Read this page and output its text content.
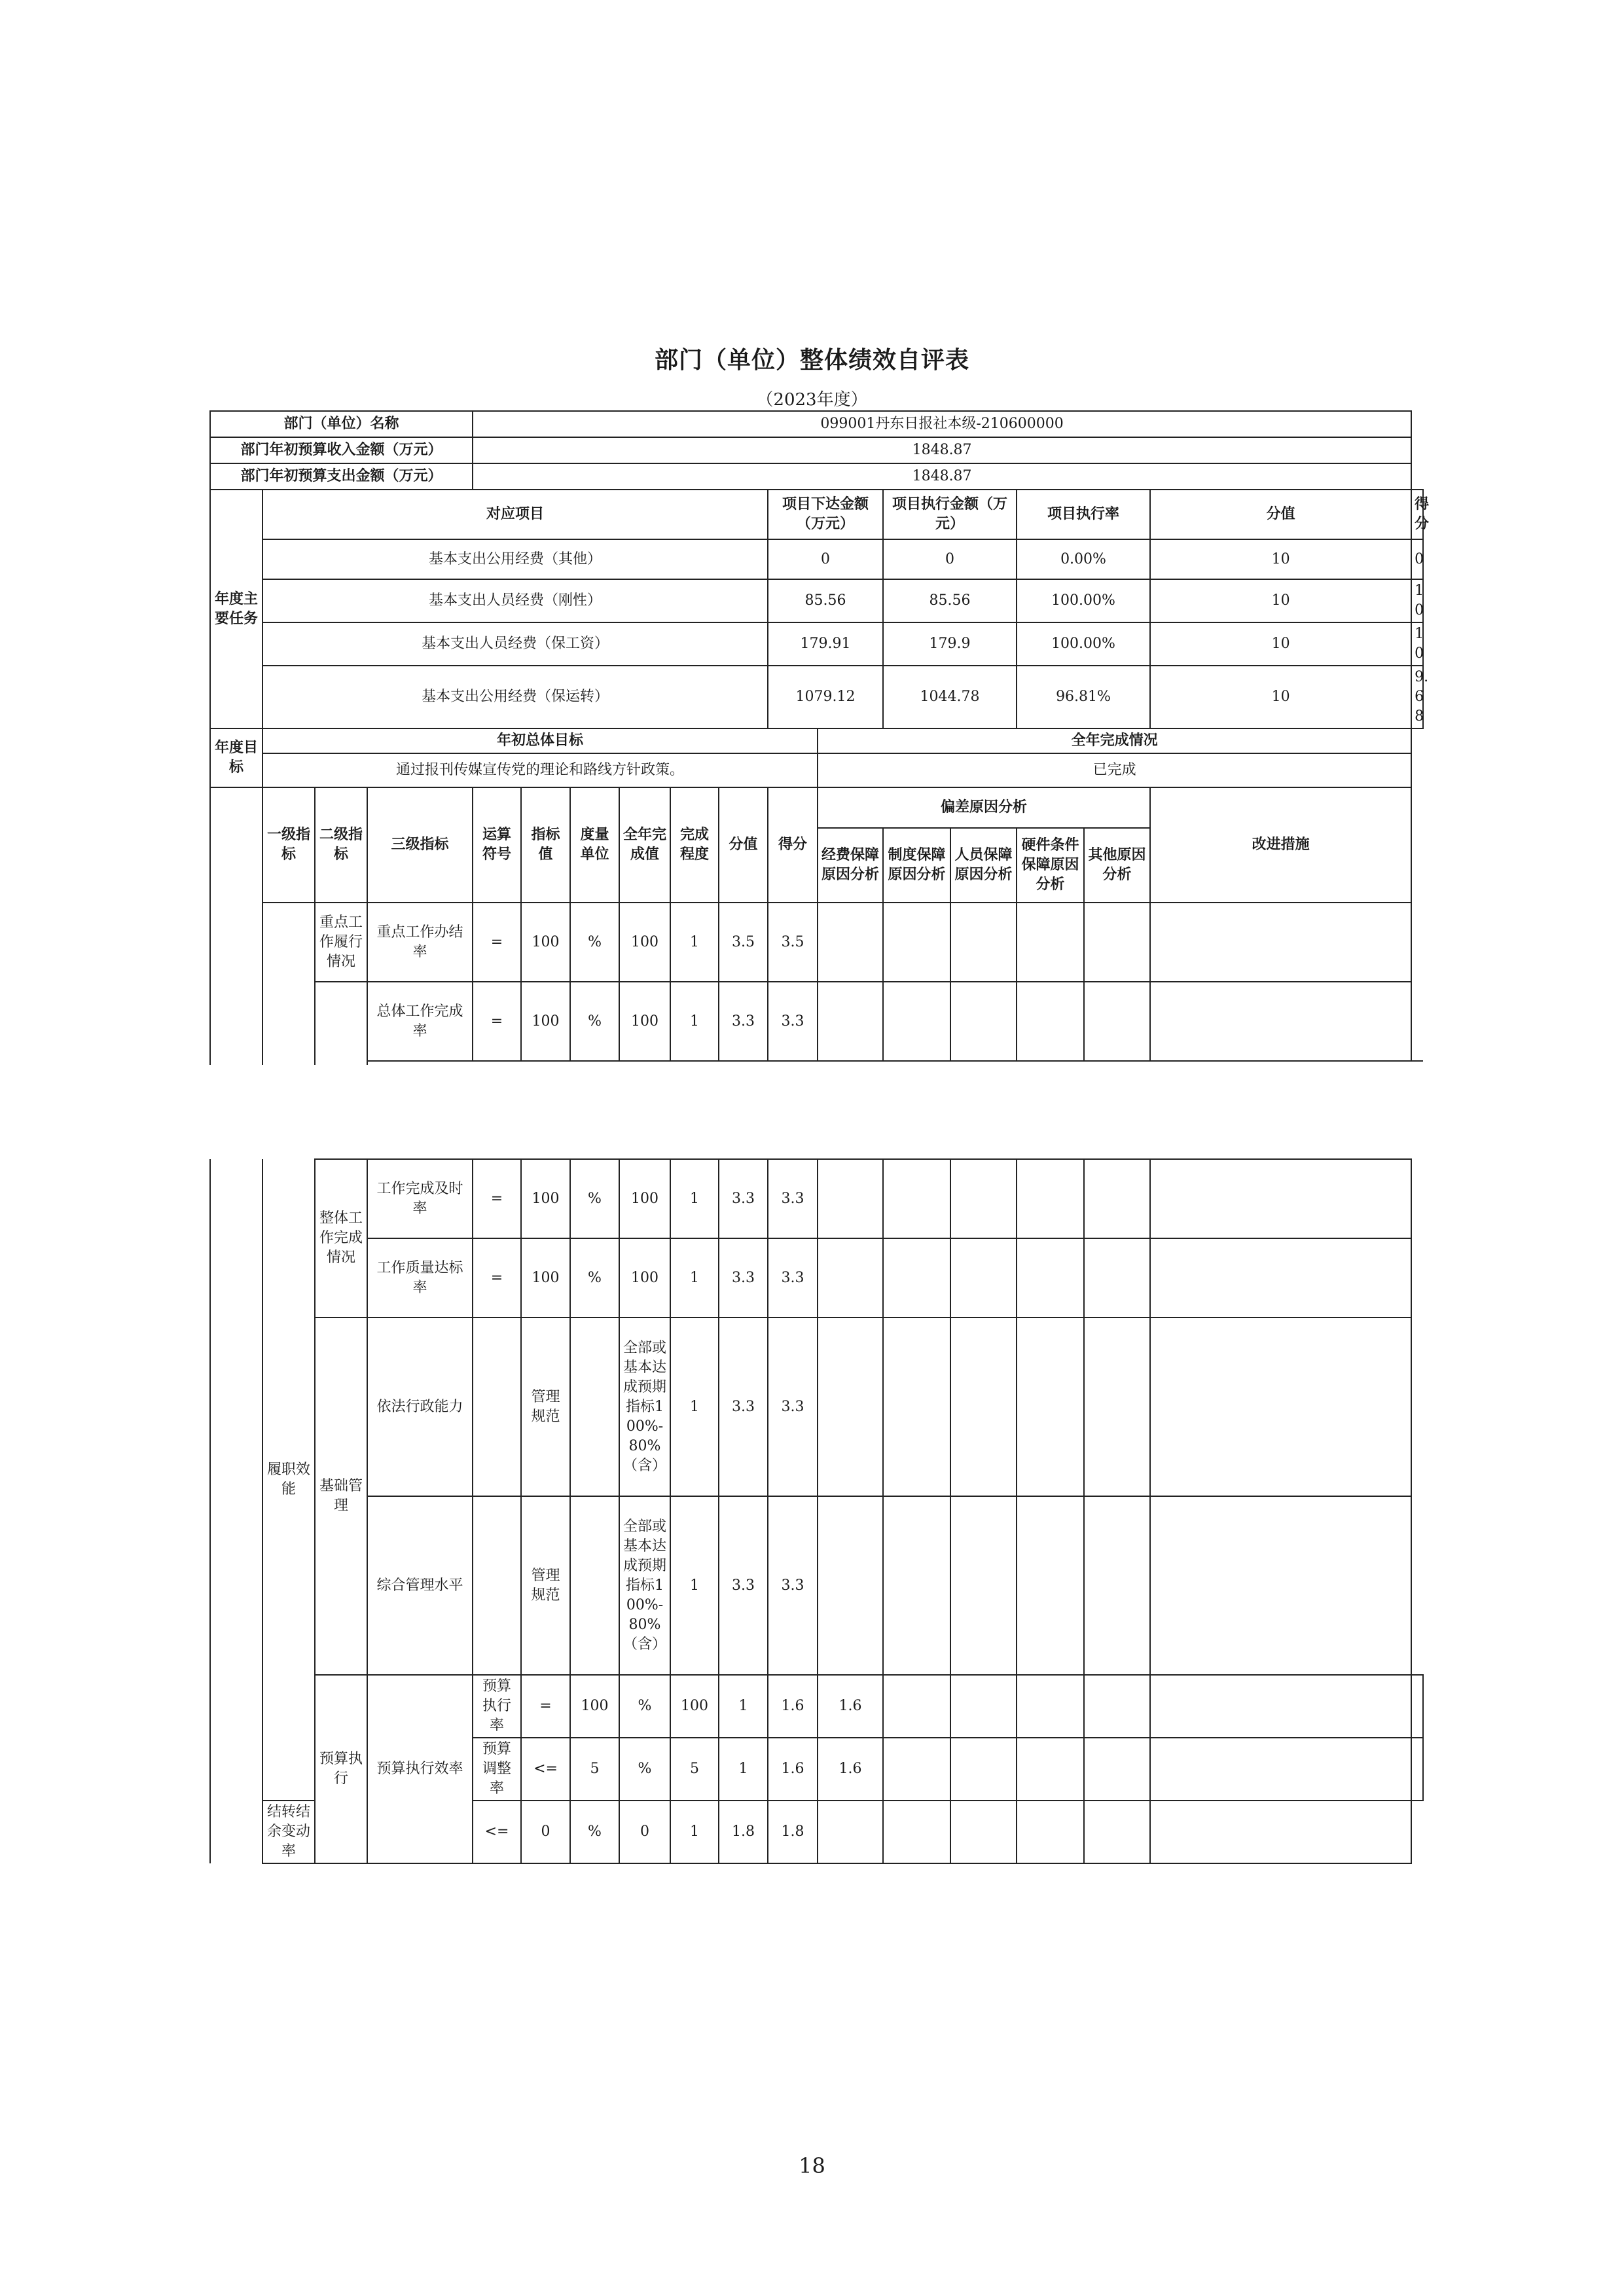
部门（单位）整体绩效自评表
（2023年度）
部门（单位）名称				099001丹东日报社本级-210600000													
部门年初预算收入金额（万元）				1848.87													
部门年初预算支出金额（万元）				1848.87													
年度主要任务	对应项目									项目下达金额（万元）		项目执行金额（万元）		项目执行率		分值	得分
	基本支出公用经费（其他）									0		0		0.00%		10	0
	基本支出人员经费（刚性）									85.56		85.56		100.00%		10	10
	基本支出人员经费（保工资）									179.91		179.9		100.00%		10	10
	基本支出公用经费（保运转）									1079.12		1044.78		96.81%		10	9.68
年度目标	年初总体目标										全年完成情况						
	通过报刊传媒宣传党的理论和路线方针政策。										已完成						
	一级指标	二级指标	三级指标	运算符号	指标值	度量单位	全年完成值	完成程度	分值	得分	偏差原因分析					改进措施	
											经费保障原因分析	制度保障原因分析	人员保障原因分析	硬件条件保障原因分析	其他原因分析		
		重点工作履行情况	重点工作办结率	=	100	%	100	1	3.5	3.5							
			总体工作完成率	=	100	%	100	1	3.3	3.3							

	履职效能	整体工作完成情况	工作完成及时率	=	100	%	100	1	3.3	3.3							
			工作质量达标率	=	100	%	100	1	3.3	3.3							
		基础管理	依法行政能力		管理规范		全部或基本达成预期指标100%-80%（含）	1	3.3	3.3							
			综合管理水平		管理规范		全部或基本达成预期指标100%-80%（含）	1	3.3	3.3							
		预算执行	预算执行效率	预算执行率	=	100	%	100	1	1.6	1.6						
				预算调整率	<=	5	%	5	1	1.6	1.6						
	结转结余变动率			<=	0	%	0	1	1.8	1.8							
18
